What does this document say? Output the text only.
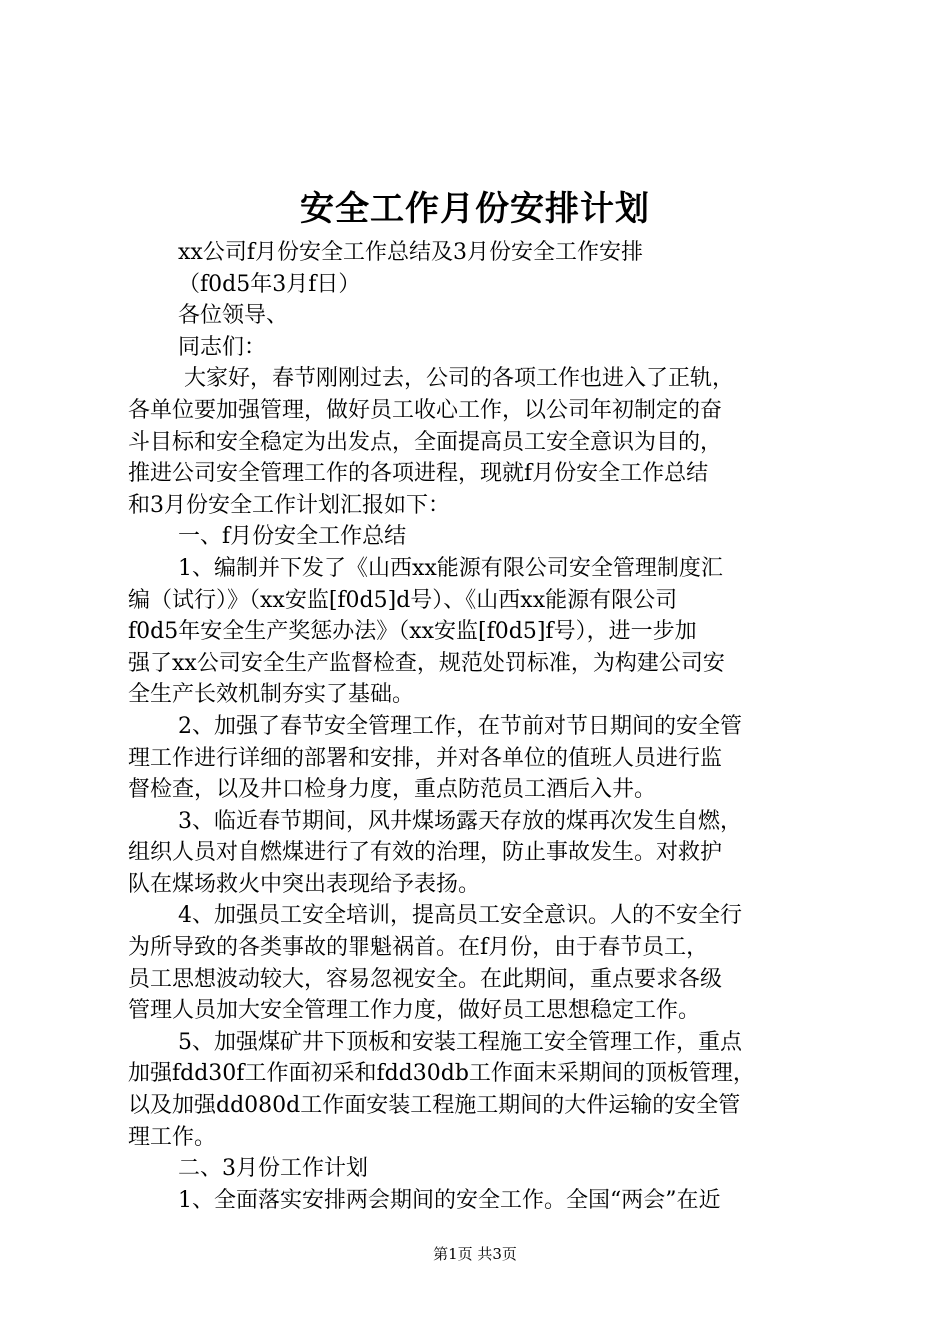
安全工作月份安排计划
xx公司f月份安全工作总结及3月份安全工作安排
（f0d5年3月f日）
各位领导、
同志们：
大家好，春节刚刚过去，公司的各项工作也进入了正轨，
各单位要加强管理，做好员工收心工作，以公司年初制定的奋
斗目标和安全稳定为出发点，全面提高员工安全意识为目的，
推进公司安全管理工作的各项进程，现就f月份安全工作总结
和3月份安全工作计划汇报如下：
一、f月份安全工作总结
1、编制并下发了《山西xx能源有限公司安全管理制度汇
编（试行）》（xx安监[f0d5]d号）、《山西xx能源有限公司
f0d5年安全生产奖惩办法》（xx安监[f0d5]f号），进一步加
强了xx公司安全生产监督检查，规范处罚标准，为构建公司安
全生产长效机制夯实了基础。
2、加强了春节安全管理工作，在节前对节日期间的安全管
理工作进行详细的部署和安排，并对各单位的值班人员进行监
督检查，以及井口检身力度，重点防范员工酒后入井。
3、临近春节期间，风井煤场露天存放的煤再次发生自燃，
组织人员对自燃煤进行了有效的治理，防止事故发生。对救护
队在煤场救火中突出表现给予表扬。
4、加强员工安全培训，提高员工安全意识。人的不安全行
为所导致的各类事故的罪魁祸首。在f月份，由于春节员工，
员工思想波动较大，容易忽视安全。在此期间，重点要求各级
管理人员加大安全管理工作力度，做好员工思想稳定工作。
5、加强煤矿井下顶板和安装工程施工安全管理工作，重点
加强fdd30f工作面初采和fdd30db工作面末采期间的顶板管理，
以及加强dd080d工作面安装工程施工期间的大件运输的安全管
理工作。
二、3月份工作计划
1、全面落实安排两会期间的安全工作。全国“两会”在近
第1页 共3页
